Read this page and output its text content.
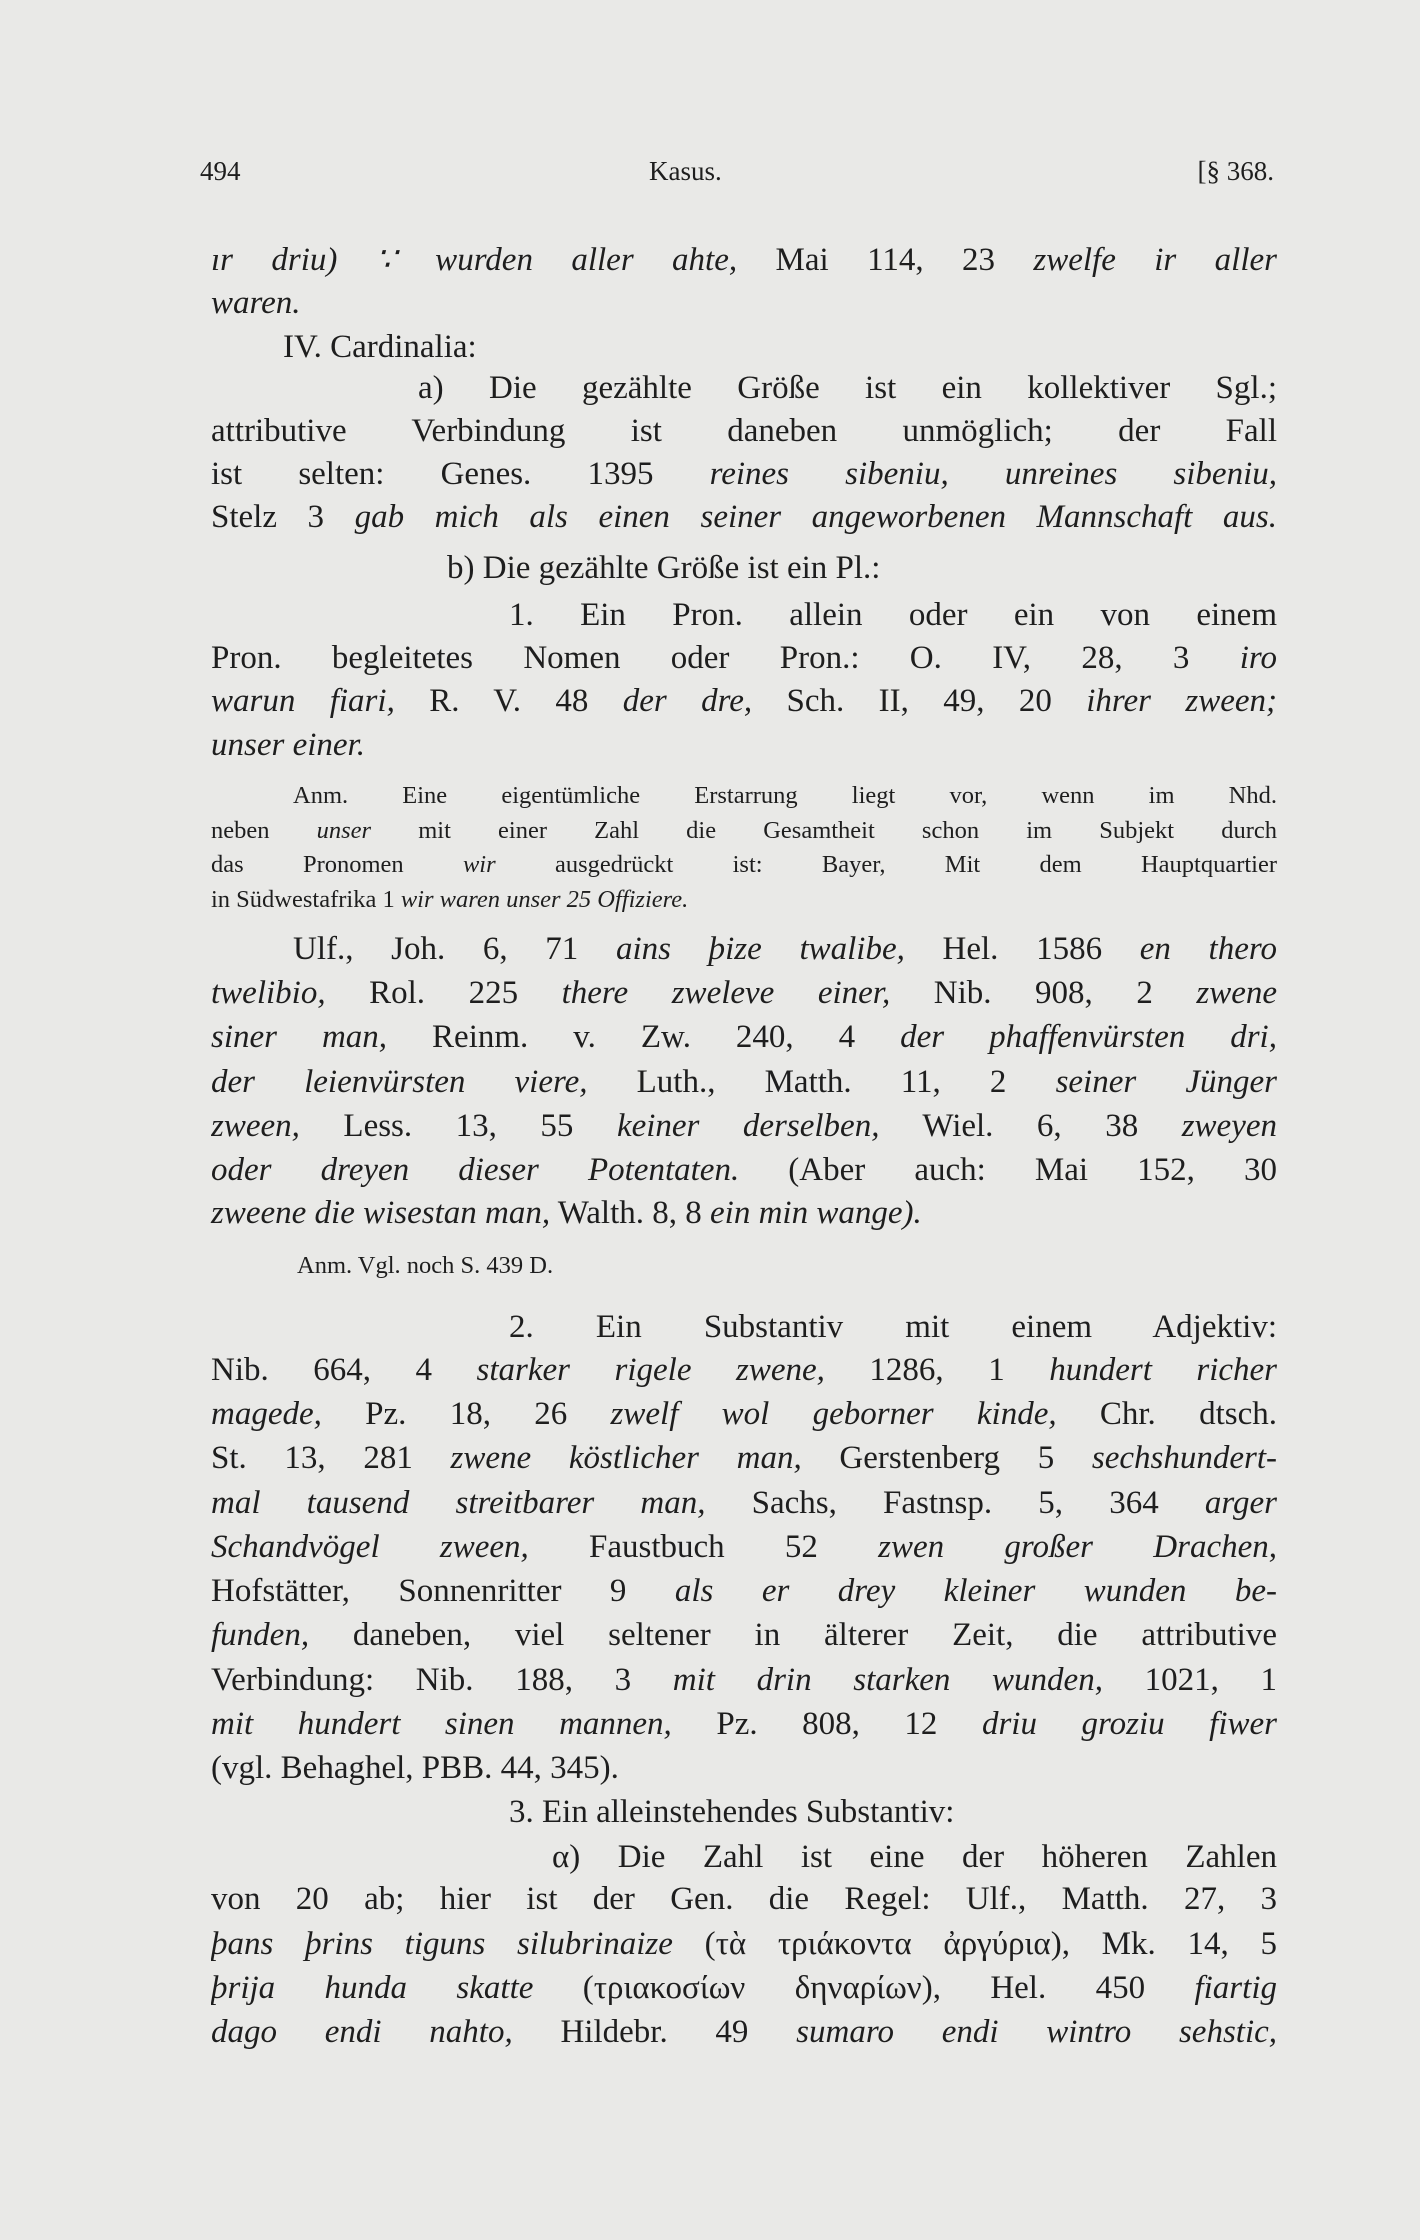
494	Kasus.	[§ 368.
ır driu) ∵ wurden aller ahte, Mai 114, 23 zwelfe ir aller
waren.
IV. Cardinalia:
a) Die gezählte Größe ist ein kollektiver Sgl.;
attributive Verbindung ist daneben unmöglich; der Fall
ist selten: Genes. 1395 reines sibeniu, unreines sibeniu,
Stelz 3 gab mich als einen seiner angeworbenen Mannschaft aus.
b) Die gezählte Größe ist ein Pl.:
1. Ein Pron. allein oder ein von einem
Pron. begleitetes Nomen oder Pron.: O. IV, 28, 3 iro
warun fiari, R. V. 48 der dre, Sch. II, 49, 20 ihrer zween;
unser einer.
Anm. Eine eigentümliche Erstarrung liegt vor, wenn im Nhd.
neben unser mit einer Zahl die Gesamtheit schon im Subjekt durch
das Pronomen wir ausgedrückt ist: Bayer, Mit dem Hauptquartier
in Südwestafrika 1 wir waren unser 25 Offiziere.
Ulf., Joh. 6, 71 ains þize twalibe, Hel. 1586 en thero
twelibio, Rol. 225 there zweleve einer, Nib. 908, 2 zwene
siner man, Reinm. v. Zw. 240, 4 der phaffenvürsten dri,
der leienvürsten viere, Luth., Matth. 11, 2 seiner Jünger
zween, Less. 13, 55 keiner derselben, Wiel. 6, 38 zweyen
oder dreyen dieser Potentaten. (Aber auch: Mai 152, 30
zweene die wisestan man, Walth. 8, 8 ein min wange).
Anm. Vgl. noch S. 439 D.
2. Ein Substantiv mit einem Adjektiv:
Nib. 664, 4 starker rigele zwene, 1286, 1 hundert richer
magede, Pz. 18, 26 zwelf wol geborner kinde, Chr. dtsch.
St. 13, 281 zwene köstlicher man, Gerstenberg 5 sechshundert-
mal tausend streitbarer man, Sachs, Fastnsp. 5, 364 arger
Schandvögel zween, Faustbuch 52 zwen großer Drachen,
Hofstätter, Sonnenritter 9 als er drey kleiner wunden be-
funden, daneben, viel seltener in älterer Zeit, die attributive
Verbindung: Nib. 188, 3 mit drin starken wunden, 1021, 1
mit hundert sinen mannen, Pz. 808, 12 driu groziu fiwer
(vgl. Behaghel, PBB. 44, 345).
3. Ein alleinstehendes Substantiv:
α) Die Zahl ist eine der höheren Zahlen
von 20 ab; hier ist der Gen. die Regel: Ulf., Matth. 27, 3
þans þrins tiguns silubrinaize (τὰ τριάκοντα ἀργύρια), Mk. 14, 5
þrija hunda skatte (τριακοσίων δηναρίων), Hel. 450 fiartig
dago endi nahto, Hildebr. 49 sumaro endi wintro sehstic,
